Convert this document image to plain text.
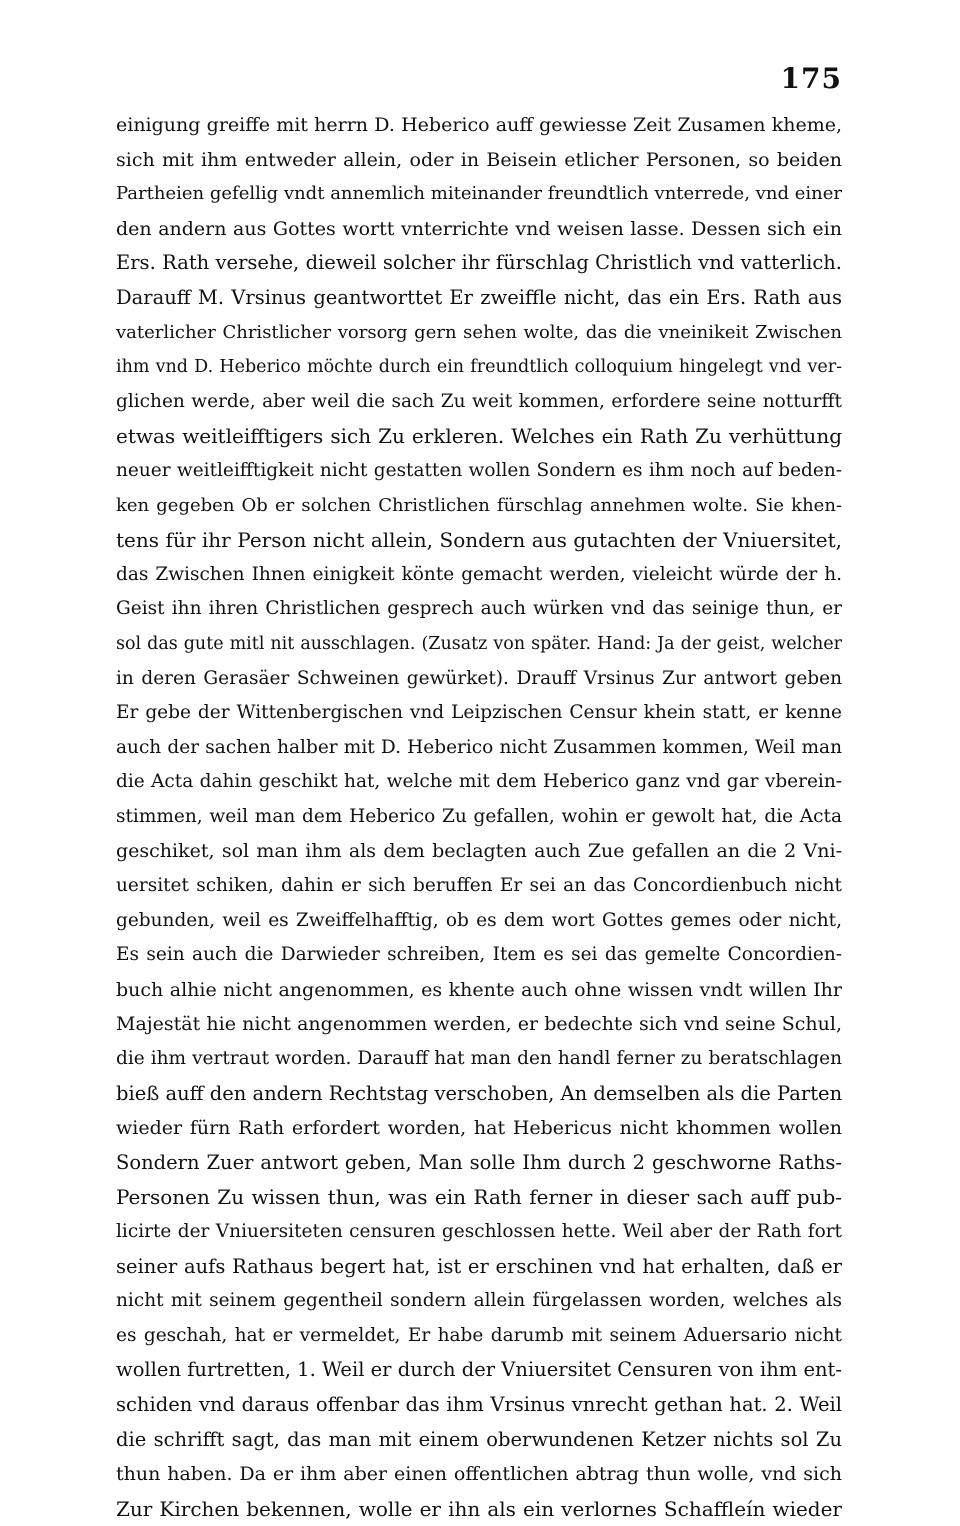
175
einigung greiffe mit herrn D. Heberico auff gewiesse Zeit Zusamen kheme,
sich mit ihm entweder allein, oder in Beisein etlicher Personen, so beiden
Partheien gefellig vndt annemlich miteinander freundtlich vnterrede, vnd einer
den andern aus Gottes wortt vnterrichte vnd weisen lasse. Dessen sich ein
Ers. Rath versehe, dieweil solcher ihr fürschlag Christlich vnd vatterlich.
Darauff M. Vrsinus geantworttet Er zweiffle nicht, das ein Ers. Rath aus
vaterlicher Christlicher vorsorg gern sehen wolte, das die vneinikeit Zwischen
ihm vnd D. Heberico möchte durch ein freundtlich colloquium hingelegt vnd ver-
glichen werde, aber weil die sach Zu weit kommen, erfordere seine notturfft
etwas weitleifftigers sich Zu erkleren. Welches ein Rath Zu verhüttung
neuer weitleifftigkeit nicht gestatten wollen Sondern es ihm noch auf beden-
ken gegeben Ob er solchen Christlichen fürschlag annehmen wolte. Sie khen-
tens für ihr Person nicht allein, Sondern aus gutachten der Vniuersitet,
das Zwischen Ihnen einigkeit könte gemacht werden, vieleicht würde der h.
Geist ihn ihren Christlichen gesprech auch würken vnd das seinige thun, er
sol das gute mitl nit ausschlagen. (Zusatz von später. Hand: Ja der geist, welcher
in deren Gerasäer Schweinen gewürket). Drauff Vrsinus Zur antwort geben
Er gebe der Wittenbergischen vnd Leipzischen Censur khein statt, er kenne
auch der sachen halber mit D. Heberico nicht Zusammen kommen, Weil man
die Acta dahin geschikt hat, welche mit dem Heberico ganz vnd gar vberein-
stimmen, weil man dem Heberico Zu gefallen, wohin er gewolt hat, die Acta
geschiket, sol man ihm als dem beclagten auch Zue gefallen an die 2 Vni-
uersitet schiken, dahin er sich beruffen Er sei an das Concordienbuch nicht
gebunden, weil es Zweiffelhafftig, ob es dem wort Gottes gemes oder nicht,
Es sein auch die Darwieder schreiben, Item es sei das gemelte Concordien-
buch alhie nicht angenommen, es khente auch ohne wissen vndt willen Ihr
Majestät hie nicht angenommen werden, er bedechte sich vnd seine Schul,
die ihm vertraut worden. Darauff hat man den handl ferner zu beratschlagen
bieß auff den andern Rechtstag verschoben, An demselben als die Parten
wieder fürn Rath erfordert worden, hat Hebericus nicht khommen wollen
Sondern Zuer antwort geben, Man solle Ihm durch 2 geschworne Raths-
Personen Zu wissen thun, was ein Rath ferner in dieser sach auff pub-
licirte der Vniuersiteten censuren geschlossen hette. Weil aber der Rath fort
seiner aufs Rathaus begert hat, ist er erschinen vnd hat erhalten, daß er
nicht mit seinem gegentheil sondern allein fürgelassen worden, welches als
es geschah, hat er vermeldet, Er habe darumb mit seinem Aduersario nicht
wollen furtretten, 1. Weil er durch der Vniuersitet Censuren von ihm ent-
schiden vnd daraus offenbar das ihm Vrsinus vnrecht gethan hat. 2. Weil
die schrifft sagt, das man mit einem oberwundenen Ketzer nichts sol Zu
thun haben. Da er ihm aber einen offentlichen abtrag thun wolle, vnd sich
Zur Kirchen bekennen, wolle er ihn als ein verlornes Schaffleín wieder
